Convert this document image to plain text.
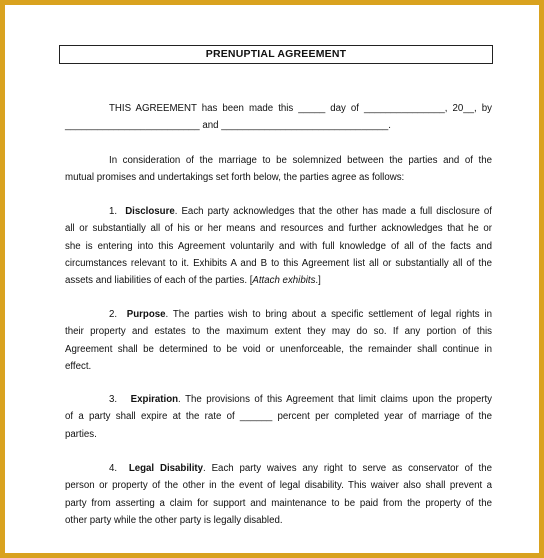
PRENUPTIAL AGREEMENT
THIS AGREEMENT has been made this _____ day of _______________, 20__, by
_________________________ and _______________________________.
In consideration of the marriage to be solemnized between the parties and of the
mutual promises and undertakings set forth below, the parties agree as follows:
1. Disclosure. Each party acknowledges that the other has made a full disclosure of
all or substantially all of his or her means and resources and further acknowledges that he or
she is entering into this Agreement voluntarily and with full knowledge of all of the facts and
circumstances relevant to it. Exhibits A and B to this Agreement list all or substantially all of the
assets and liabilities of each of the parties. [Attach exhibits.]
2. Purpose. The parties wish to bring about a specific settlement of legal rights in
their property and estates to the maximum extent they may do so. If any portion of this
Agreement shall be determined to be void or unenforceable, the remainder shall continue in
effect.
3. Expiration. The provisions of this Agreement that limit claims upon the property
of a party shall expire at the rate of ______ percent per completed year of marriage of the
parties.
4. Legal Disability. Each party waives any right to serve as conservator of the
person or property of the other in the event of legal disability. This waiver also shall prevent a
party from asserting a claim for support and maintenance to be paid from the property of the
other party while the other party is legally disabled.
